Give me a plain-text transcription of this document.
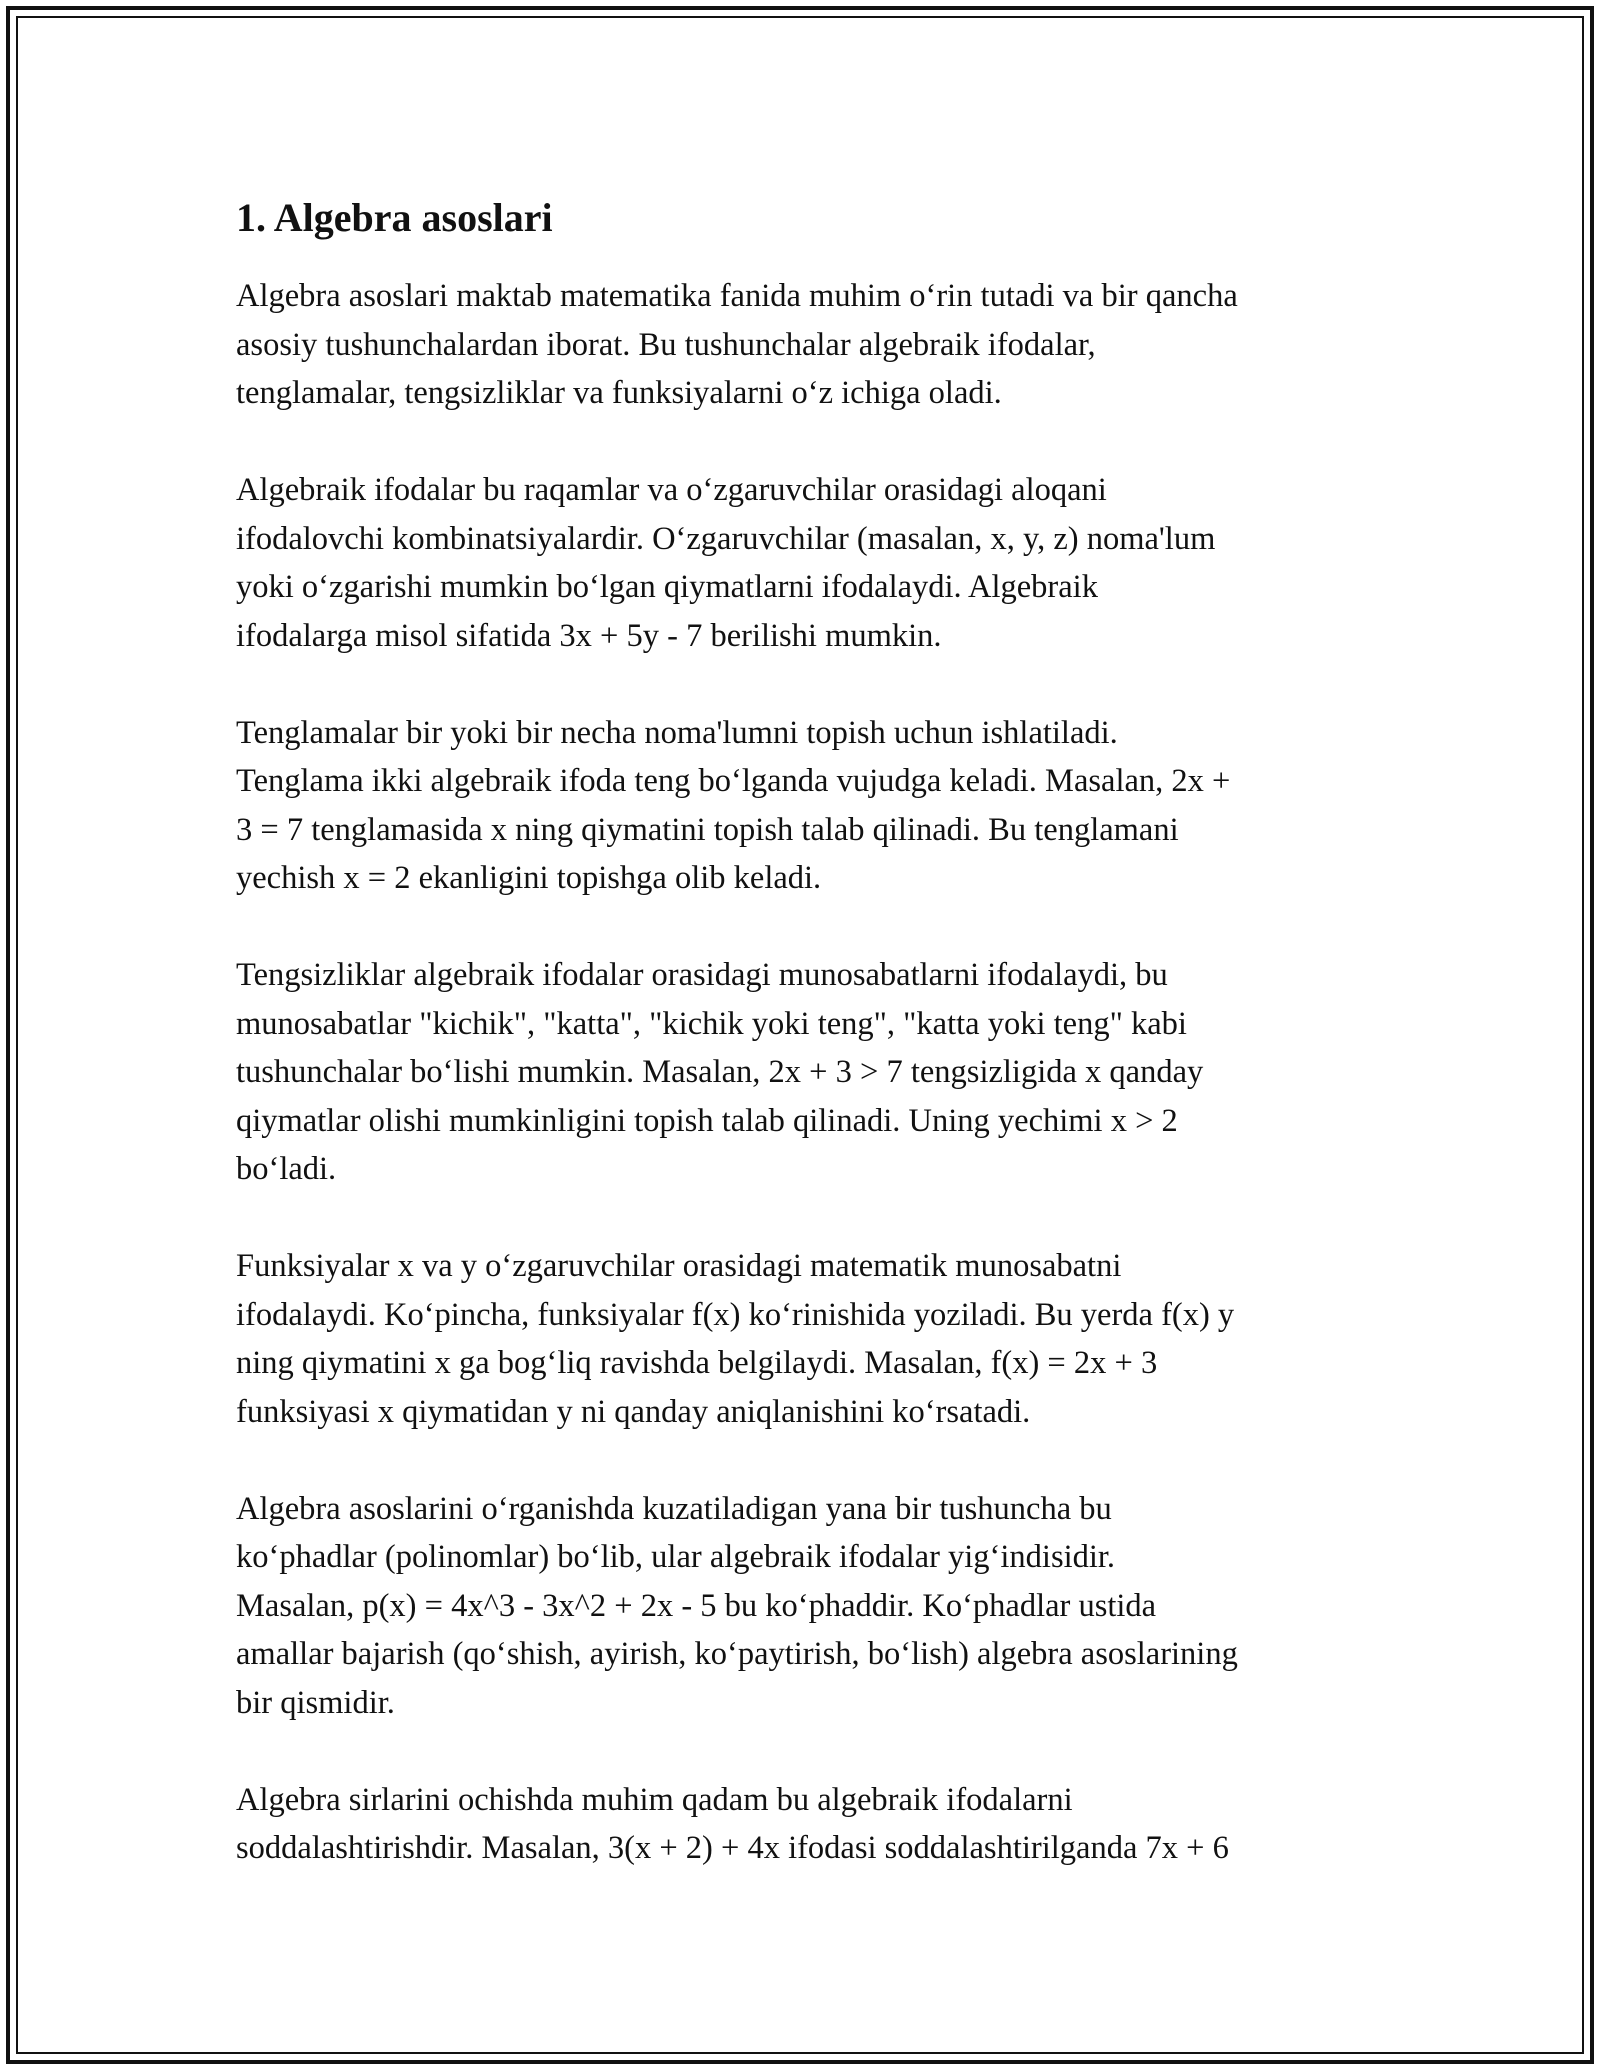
1. Algebra asoslari
Algebra asoslari maktab matematika fanida muhim o‘rin tutadi va bir qancha
asosiy tushunchalardan iborat. Bu tushunchalar algebraik ifodalar,
tenglamalar, tengsizliklar va funksiyalarni o‘z ichiga oladi.
Algebraik ifodalar bu raqamlar va o‘zgaruvchilar orasidagi aloqani
ifodalovchi kombinatsiyalardir. O‘zgaruvchilar (masalan, x, y, z) noma'lum
yoki o‘zgarishi mumkin bo‘lgan qiymatlarni ifodalaydi. Algebraik
ifodalarga misol sifatida 3x + 5y - 7 berilishi mumkin.
Tenglamalar bir yoki bir necha noma'lumni topish uchun ishlatiladi.
Tenglama ikki algebraik ifoda teng bo‘lganda vujudga keladi. Masalan, 2x +
3 = 7 tenglamasida x ning qiymatini topish talab qilinadi. Bu tenglamani
yechish x = 2 ekanligini topishga olib keladi.
Tengsizliklar algebraik ifodalar orasidagi munosabatlarni ifodalaydi, bu
munosabatlar "kichik", "katta", "kichik yoki teng", "katta yoki teng" kabi
tushunchalar bo‘lishi mumkin. Masalan, 2x + 3 > 7 tengsizligida x qanday
qiymatlar olishi mumkinligini topish talab qilinadi. Uning yechimi x > 2
bo‘ladi.
Funksiyalar x va y o‘zgaruvchilar orasidagi matematik munosabatni
ifodalaydi. Ko‘pincha, funksiyalar f(x) ko‘rinishida yoziladi. Bu yerda f(x) y
ning qiymatini x ga bog‘liq ravishda belgilaydi. Masalan, f(x) = 2x + 3
funksiyasi x qiymatidan y ni qanday aniqlanishini ko‘rsatadi.
Algebra asoslarini o‘rganishda kuzatiladigan yana bir tushuncha bu
ko‘phadlar (polinomlar) bo‘lib, ular algebraik ifodalar yig‘indisidir.
Masalan, p(x) = 4x^3 - 3x^2 + 2x - 5 bu ko‘phaddir. Ko‘phadlar ustida
amallar bajarish (qo‘shish, ayirish, ko‘paytirish, bo‘lish) algebra asoslarining
bir qismidir.
Algebra sirlarini ochishda muhim qadam bu algebraik ifodalarni
soddalashtirishdir. Masalan, 3(x + 2) + 4x ifodasi soddalashtirilganda 7x + 6
